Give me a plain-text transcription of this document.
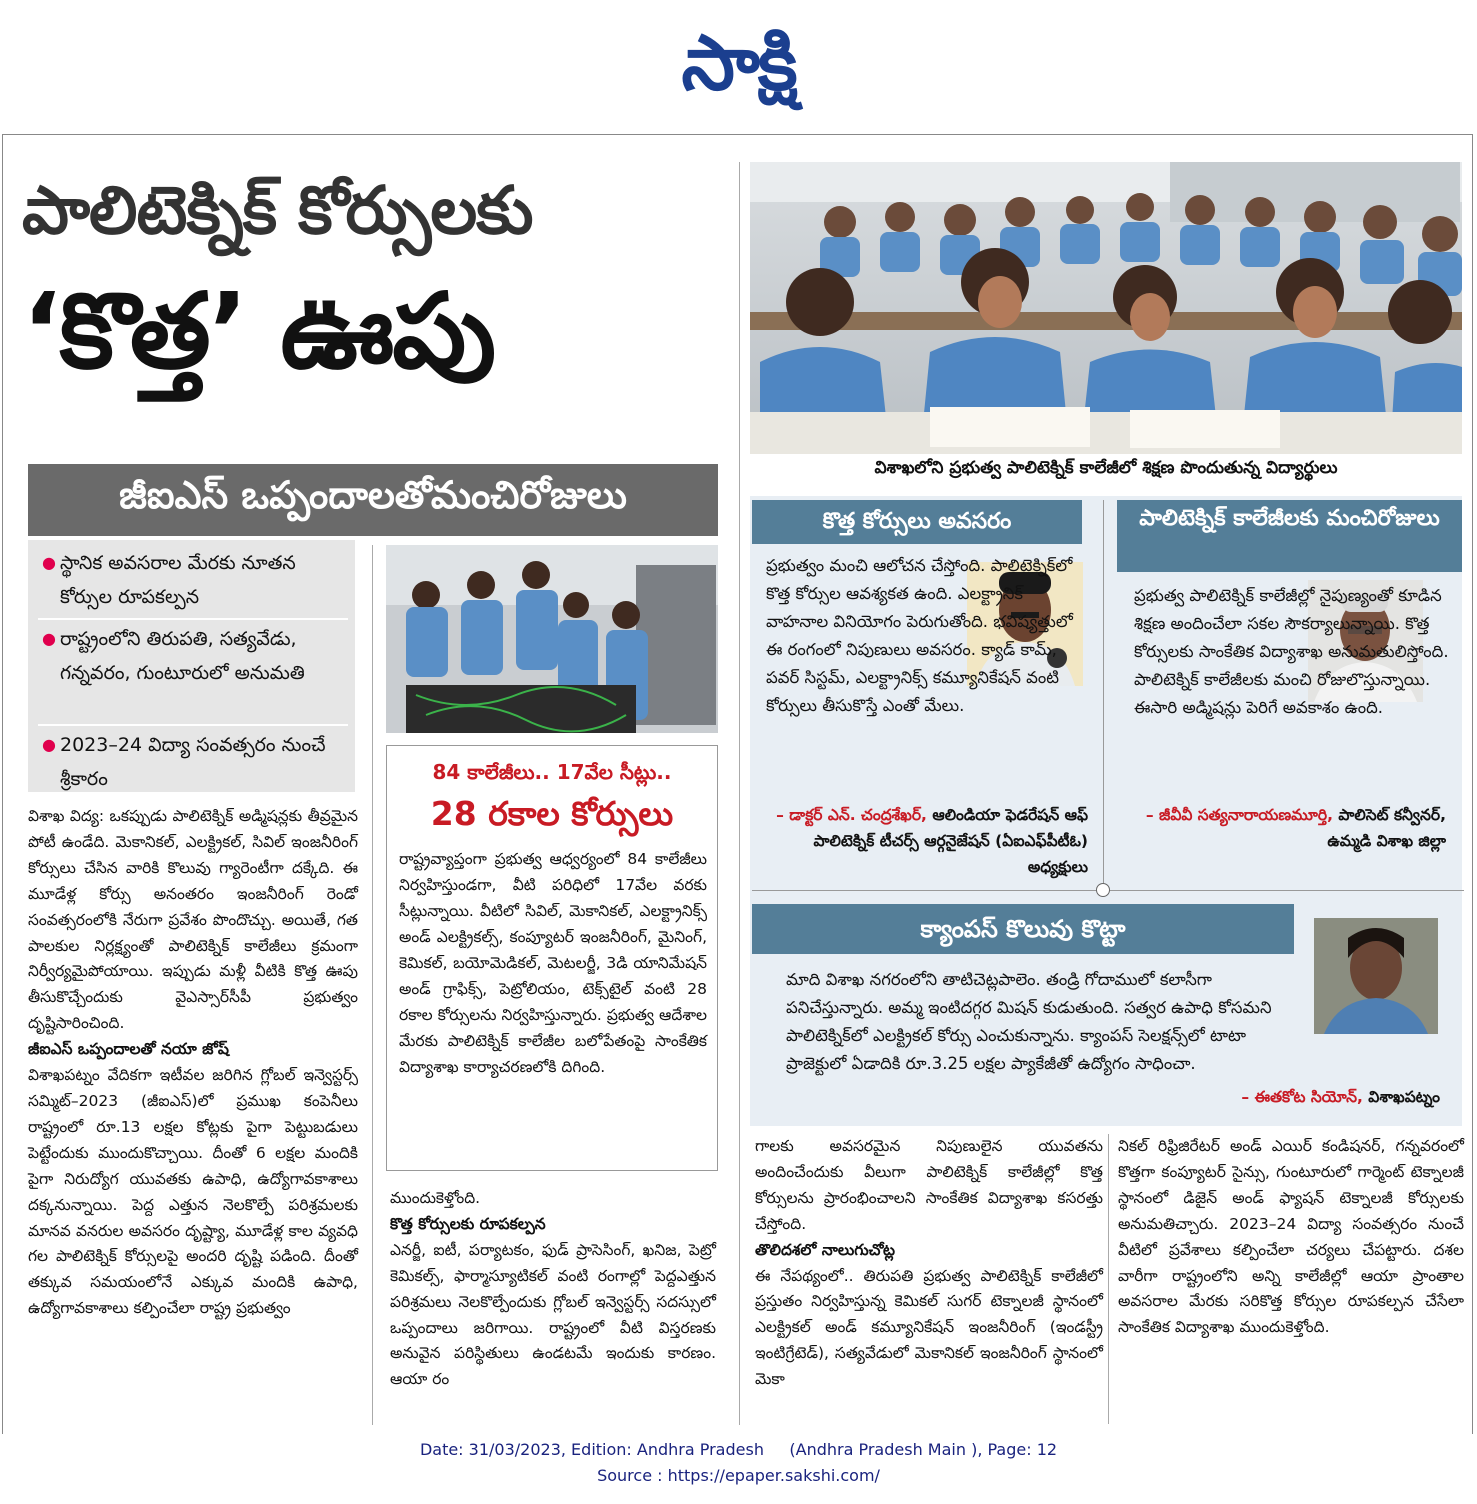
సాక్షి
పాలిటెక్నిక్ కోర్సులకు
‘కొత్త’ ఊపు
జీఐఎస్ ఒప్పందాలతోమంచిరోజులు
● స్థానిక అవసరాల మేరకు నూతన కోర్సుల రూపకల్పన
● రాష్ట్రంలోని తిరుపతి, సత్యవేడు, గన్నవరం, గుంటూరులో అనుమతి
● 2023–24 విద్యా సంవత్సరం నుంచే శ్రీకారం
విశాఖలోని ప్రభుత్వ పాలిటెక్నిక్ కాలేజీలో శిక్షణ పొందుతున్న విద్యార్థులు
84 కాలేజీలు.. 17వేల సీట్లు..
28 రకాల కోర్సులు
రాష్ట్రవ్యాప్తంగా ప్రభుత్వ ఆధ్వర్యంలో 84 కాలేజీలు నిర్వహిస్తుండగా, వీటి పరిధిలో 17వేల వరకు సీట్లున్నాయి. వీటిలో సివిల్, మెకానికల్, ఎలక్ట్రానిక్స్ అండ్ ఎలక్ట్రికల్స్, కంప్యూటర్ ఇంజనీరింగ్, మైనింగ్, కెమికల్, బయోమెడికల్, మెటలర్జీ, 3డి యానిమేషన్ అండ్ గ్రాఫిక్స్, పెట్రోలియం, టెక్స్‌టైల్ వంటి 28 రకాల కోర్సులను నిర్వహిస్తున్నారు. ప్రభుత్వ ఆదేశాల మేరకు పాలిటెక్నిక్ కాలేజీల బలోపేతంపై సాంకేతిక విద్యాశాఖ కార్యాచరణలోకి దిగింది.
కొత్త కోర్సులు అవసరం	పాలిటెక్నిక్ కాలేజీలకు మంచిరోజులు
క్యాంపస్ కొలువు కొట్టా
ప్రభుత్వం మంచి ఆలోచన చేస్తోంది. పాలిటెక్నిక్‌లో కొత్త కోర్సుల ఆవశ్యకత ఉంది. ఎలక్ట్రానిక్ వాహనాల వినియోగం పెరుగుతోంది. భవిష్యత్తులో ఈ రంగంలో నిపుణులు అవసరం. క్యాడ్ కామ్, పవర్ సిస్టమ్, ఎలక్ట్రానిక్స్ కమ్యూనికేషన్ వంటి కోర్సులు తీసుకొస్తే ఎంతో మేలు.
– డాక్టర్ ఎన్. చంద్రశేఖర్, ఆలిండియా ఫెడరేషన్ ఆఫ్ పాలిటెక్నిక్ టీచర్స్ ఆర్గనైజేషన్ (ఏఐఎఫ్‌పీటీఓ) అధ్యక్షులు
ప్రభుత్వ పాలిటెక్నిక్ కాలేజీల్లో నైపుణ్యంతో కూడిన శిక్షణ అందించేలా సకల సౌకర్యాలున్నాయి. కొత్త కోర్సులకు సాంకేతిక విద్యాశాఖ అనుమతులిస్తోంది. పాలిటెక్నిక్ కాలేజీలకు మంచి రోజులొస్తున్నాయి. ఈసారి అడ్మిషన్లు పెరిగే అవకాశం ఉంది.
– జీవీవీ సత్యనారాయణమూర్తి, పాలిసెట్ కన్వీనర్, ఉమ్మడి విశాఖ జిల్లా
మాది విశాఖ నగరంలోని తాటిచెట్లపాలెం. తండ్రి గోదాములో కలాసీగా పనిచేస్తున్నారు. అమ్మ ఇంటిదగ్గర మిషన్ కుడుతుంది. సత్వర ఉపాధి కోసమని పాలిటెక్నిక్‌లో ఎలక్ట్రికల్ కోర్సు ఎంచుకున్నాను. క్యాంపస్ సెలక్షన్స్‌లో టాటా ప్రాజెక్టులో ఏడాదికి రూ.3.25 లక్షల ప్యాకేజీతో ఉద్యోగం సాధించా.
– ఈతకోట సియోన్, విశాఖపట్నం
విశాఖ విద్య: ఒకప్పుడు పాలిటెక్నిక్ అడ్మిషన్లకు తీవ్రమైన పోటీ ఉండేది. మెకానికల్, ఎలక్ట్రికల్, సివిల్ ఇంజనీరింగ్ కోర్సులు చేసిన వారికి కొలువు గ్యారెంటీగా దక్కేది. ఈ మూడేళ్ల కోర్సు అనంతరం ఇంజనీరింగ్ రెండో సంవత్సరంలోకి నేరుగా ప్రవేశం పొందొచ్చు. అయితే, గత పాలకుల నిర్లక్ష్యంతో పాలిటెక్నిక్ కాలేజీలు క్రమంగా నిర్వీర్యమైపోయాయి. ఇప్పుడు మళ్లీ వీటికి కొత్త ఊపు తీసుకొచ్చేందుకు వైఎస్సార్‌సీపీ ప్రభుత్వం దృష్టిసారించింది.
జీఐఎస్ ఒప్పందాలతో నయా జోష్
విశాఖపట్నం వేదికగా ఇటీవల జరిగిన గ్లోబల్ ఇన్వెస్టర్స్ సమ్మిట్–2023 (జీఐఎస్)లో ప్రముఖ కంపెనీలు రాష్ట్రంలో రూ.13 లక్షల కోట్లకు పైగా పెట్టుబడులు పెట్టేందుకు ముందుకొచ్చాయి. దీంతో 6 లక్షల మందికి పైగా నిరుద్యోగ యువతకు ఉపాధి, ఉద్యోగావకాశాలు దక్కనున్నాయి. పెద్ద ఎత్తున నెలకొల్పే పరిశ్రమలకు మానవ వనరుల అవసరం దృష్ట్యా, మూడేళ్ల కాల వ్యవధి గల పాలిటెక్నిక్ కోర్సులపై అందరి దృష్టి పడింది. దీంతో తక్కువ సమయంలోనే ఎక్కువ మందికి ఉపాధి, ఉద్యోగావకాశాలు కల్పించేలా రాష్ట్ర ప్రభుత్వం
ముందుకెళ్తోంది.
కొత్త కోర్సులకు రూపకల్పన
ఎనర్జీ, ఐటీ, పర్యాటకం, ఫుడ్ ప్రాసెసింగ్, ఖనిజ, పెట్రో కెమికల్స్, ఫార్మాస్యూటికల్ వంటి రంగాల్లో పెద్దఎత్తున పరిశ్రమలు నెలకొల్పేందుకు గ్లోబల్ ఇన్వెస్టర్స్ సదస్సులో ఒప్పందాలు జరిగాయి. రాష్ట్రంలో వీటి విస్తరణకు అనువైన పరిస్థితులు ఉండటమే ఇందుకు కారణం. ఆయా రం
గాలకు అవసరమైన నిపుణులైన యువతను అందించేందుకు వీలుగా పాలిటెక్నిక్ కాలేజీల్లో కొత్త కోర్సులను ప్రారంభించాలని సాంకేతిక విద్యాశాఖ కసరత్తు చేస్తోంది.
తొలిదశలో నాలుగుచోట్ల
ఈ నేపథ్యంలో.. తిరుపతి ప్రభుత్వ పాలిటెక్నిక్ కాలేజీలో ప్రస్తుతం నిర్వహిస్తున్న కెమికల్ సుగర్ టెక్నాలజీ స్థానంలో ఎలక్ట్రికల్ అండ్ కమ్యూనికేషన్ ఇంజనీరింగ్ (ఇండస్ట్రీ ఇంటిగ్రేటెడ్), సత్యవేడులో మెకానికల్ ఇంజనీరింగ్ స్థానంలో మెకా
నికల్ రిఫ్రిజిరేటర్ అండ్ ఎయిర్ కండిషనర్, గన్నవరంలో కొత్తగా కంప్యూటర్ సైన్సు, గుంటూరులో గార్మెంట్ టెక్నాలజీ స్థానంలో డిజైన్ అండ్ ఫ్యాషన్ టెక్నాలజీ కోర్సులకు అనుమతిచ్చారు. 2023–24 విద్యా సంవత్సరం నుంచే వీటిలో ప్రవేశాలు కల్పించేలా చర్యలు చేపట్టారు. దశల వారీగా రాష్ట్రంలోని అన్ని కాలేజీల్లో ఆయా ప్రాంతాల అవసరాల మేరకు సరికొత్త కోర్సుల రూపకల్పన చేసేలా సాంకేతిక విద్యాశాఖ ముందుకెళ్తోంది.
Date: 31/03/2023, Edition: Andhra Pradesh     (Andhra Pradesh Main ), Page: 12
Source : https://epaper.sakshi.com/
